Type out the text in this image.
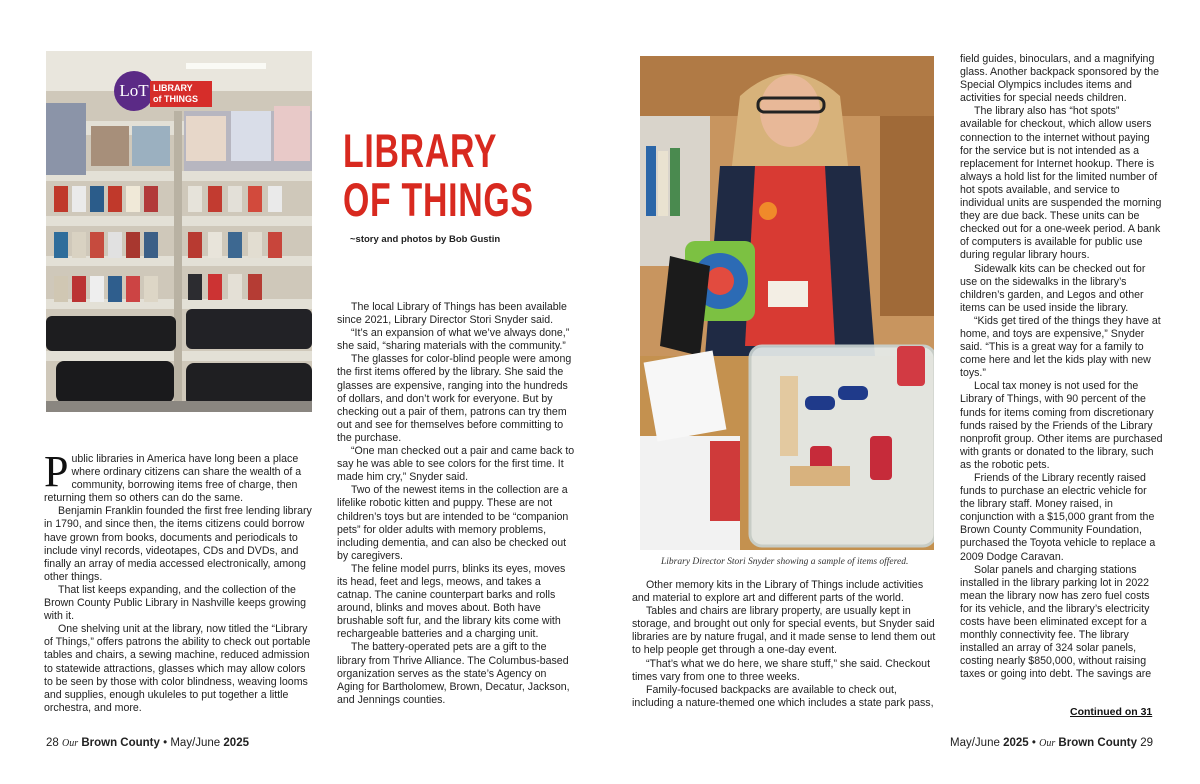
LoT LIBRARY
of THINGS
LIBRARY
OF THINGS
~story and photos by Bob Gustin

Public libraries in America have long been a place where ordinary citizens can share the wealth of a community, borrowing items free of charge, then returning them so others can do the same.

Benjamin Franklin founded the first free lending library in 1790, and since then, the items citizens could borrow have grown from books, documents and periodicals to include vinyl records, videotapes, CDs and DVDs, and finally an array of media accessed electronically, among other things.

That list keeps expanding, and the collection of the Brown County Public Library in Nashville keeps growing with it.

One shelving unit at the library, now titled the “Library of Things,” offers patrons the ability to check out portable tables and chairs, a sewing machine, reduced admission to statewide attractions, glasses which may allow colors to be seen by those with color blindness, weaving looms and supplies, enough ukuleles to put together a little orchestra, and more.

The local Library of Things has been available since 2021, Library Director Stori Snyder said.

“It’s an expansion of what we’ve always done,” she said, “sharing materials with the community.”

The glasses for color-blind people were among the first items offered by the library. She said the glasses are expensive, ranging into the hundreds of dollars, and don’t work for everyone. But by checking out a pair of them, patrons can try them out and see for themselves before committing to the purchase.

“One man checked out a pair and came back to say he was able to see colors for the first time. It made him cry,” Snyder said.

Two of the newest items in the collection are a lifelike robotic kitten and puppy. These are not children’s toys but are intended to be “companion pets” for older adults with memory problems, including dementia, and can also be checked out by caregivers.

The feline model purrs, blinks its eyes, moves its head, feet and legs, meows, and takes a catnap. The canine counterpart barks and rolls around, blinks and moves about. Both have brushable soft fur, and the library kits come with rechargeable batteries and a charging unit.

The battery-operated pets are a gift to the library from Thrive Alliance. The Columbus-based organization serves as the state’s Agency on Aging for Bartholomew, Brown, Decatur, Jackson, and Jennings counties.

28 Our Brown County • May/June 2025
Library Director Stori Snyder showing a sample of items offered.

Other memory kits in the Library of Things include activities and material to explore art and different parts of the world.

Tables and chairs are library property, are usually kept in storage, and brought out only for special events, but Snyder said libraries are by nature frugal, and it made sense to lend them out to help people get through a one-day event.

“That’s what we do here, we share stuff,” she said. Checkout times vary from one to three weeks.

Family-focused backpacks are available to check out, including a nature-themed one which includes a state park pass,

field guides, binoculars, and a magnifying glass. Another backpack sponsored by the Special Olympics includes items and activities for special needs children.

The library also has “hot spots” available for checkout, which allow users connection to the internet without paying for the service but is not intended as a replacement for Internet hookup. There is always a hold list for the limited number of hot spots available, and service to individual units are suspended the morning they are due back. These units can be checked out for a one-week period. A bank of computers is available for public use during regular library hours.

Sidewalk kits can be checked out for use on the sidewalks in the library’s children’s garden, and Legos and other items can be used inside the library.

“Kids get tired of the things they have at home, and toys are expensive,” Snyder said. “This is a great way for a family to come here and let the kids play with new toys.”

Local tax money is not used for the Library of Things, with 90 percent of the funds for items coming from discretionary funds raised by the Friends of the Library nonprofit group. Other items are purchased with grants or donated to the library, such as the robotic pets.

Friends of the Library recently raised funds to purchase an electric vehicle for the library staff. Money raised, in conjunction with a $15,000 grant from the Brown County Community Foundation, purchased the Toyota vehicle to replace a 2009 Dodge Caravan.

Solar panels and charging stations installed in the library parking lot in 2022 mean the library now has zero fuel costs for its vehicle, and the library’s electricity costs have been eliminated except for a monthly connectivity fee. The library installed an array of 324 solar panels, costing nearly $850,000, without raising taxes or going into debt. The savings are

Continued on 31
May/June 2025 • Our Brown County 29
